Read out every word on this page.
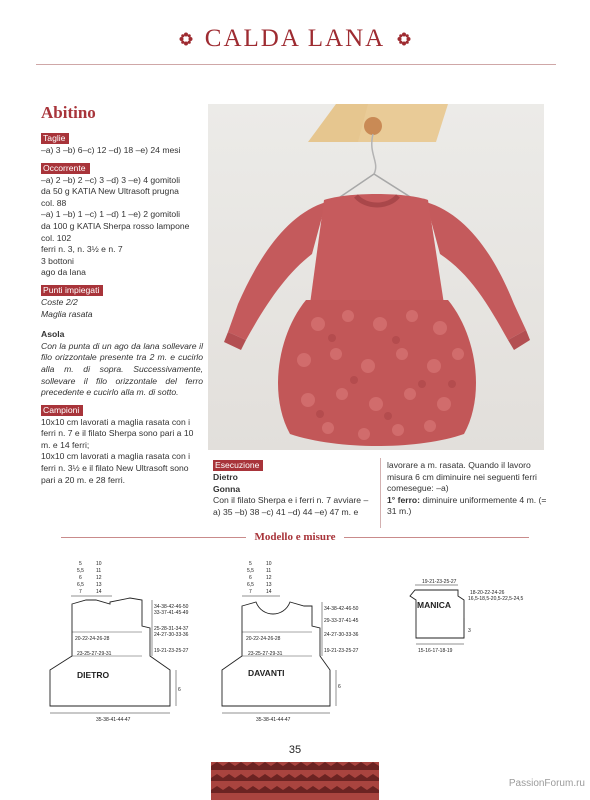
CALDA LANA
Abitino
Taglie
–a) 3 –b) 6–c) 12 –d) 18 –e) 24 mesi
Occorrente
–a) 2 –b) 2 –c) 3 –d) 3 –e) 4 gomitoli
da 50 g KATIA New Ultrasoft prugna
col. 88
–a) 1 –b) 1 –c) 1 –d) 1 –e) 2 gomitoli
da 100 g KATIA Sherpa rosso lampone
col. 102
ferri n. 3, n. 3½ e n. 7
3 bottoni
ago da lana
Punti impiegati
Coste 2/2
Maglia rasata
Asola
Con la punta di un ago da lana sollevare il filo orizzontale presente tra 2 m. e cucirlo alla m. di sopra. Successivamente, sollevare il filo orizzontale del ferro precedente e cucirlo alla m. di sotto.
Campioni
10x10 cm lavorati a maglia rasata con i ferri n. 7 e il filato Sherpa sono pari a 10 m. e 14 ferri;
10x10 cm lavorati a maglia rasata con i ferri n. 3½ e il filato New Ultrasoft sono pari a 20 m. e 28 ferri.
Esecuzione
Dietro
Gonna
Con il filato Sherpa e i ferri n. 7 avviare –a) 35 –b) 38 –c) 41 –d) 44 –e) 47 m. e
lavorare a m. rasata. Quando il lavoro misura 6 cm diminuire nei seguenti ferri comesegue: –a)
1° ferro: diminuire uniformemente 4 m. (= 31 m.)
Modello e misure
5
5,5
6
6,5
7
10
11
12
13
14
20-22-24-26-28
23-25-27-29-31
DIETRO
34-38-42-46-50
33-37-41-45-49
25-28-31-34-37
24-27-30-33-36
19-21-23-25-27
6
35-38-41-44-47
5
5,5
6
6,5
7
10
11
12
13
14
20-22-24-26-28
23-25-27-29-31
DAVANTI
34-38-42-46-50
29-33-37-41-45
24-27-30-33-36
19-21-23-25-27
6
35-38-41-44-47
19-21-23-25-27
MANICA
18-20-22-24-26
16,5-18,5-20,5-22,5-24,5
3
15-16-17-18-19
35
PassionForum.ru
